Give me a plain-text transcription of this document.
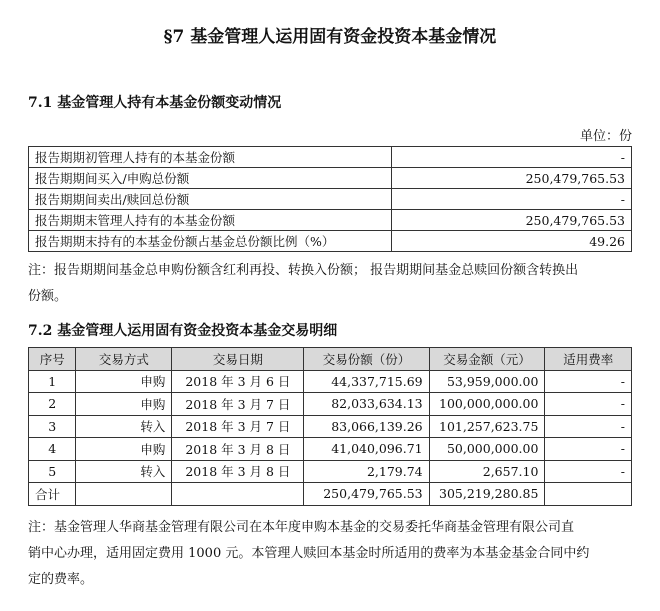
§7 基金管理人运用固有资金投资本基金情况
7.1 基金管理人持有本基金份额变动情况
单位：份
报告期期初管理人持有的本基金份额	-
报告期期间买入/申购总份额	250,479,765.53
报告期期间卖出/赎回总份额	-
报告期期末管理人持有的本基金份额	250,479,765.53
报告期期末持有的本基金份额占基金总份额比例（%）	49.26
注：报告期期间基金总申购份额含红利再投、转换入份额； 报告期期间基金总赎回份额含转换出
份额。
7.2 基金管理人运用固有资金投资本基金交易明细
序号	交易方式	交易日期	交易份额（份）	交易金额（元）	适用费率
1	申购	2018 年 3 月 6 日	44,337,715.69	53,959,000.00	-
2	申购	2018 年 3 月 7 日	82,033,634.13	100,000,000.00	-
3	转入	2018 年 3 月 7 日	83,066,139.26	101,257,623.75	-
4	申购	2018 年 3 月 8 日	41,040,096.71	50,000,000.00	-
5	转入	2018 年 3 月 8 日	2,179.74	2,657.10	-
合计			250,479,765.53	305,219,280.85	
注：基金管理人华商基金管理有限公司在本年度申购本基金的交易委托华商基金管理有限公司直
销中心办理，适用固定费用 1000 元。本管理人赎回本基金时所适用的费率为本基金基金合同中约
定的费率。
